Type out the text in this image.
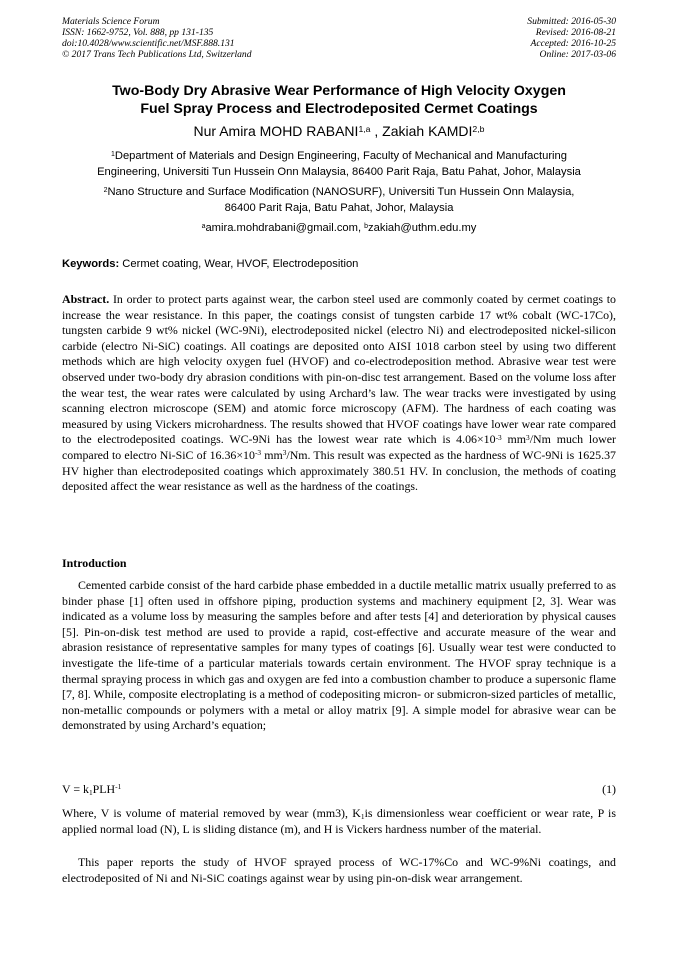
Materials Science Forum
ISSN: 1662-9752, Vol. 888, pp 131-135
doi:10.4028/www.scientific.net/MSF.888.131
© 2017 Trans Tech Publications Ltd, Switzerland
Submitted: 2016-05-30
Revised: 2016-08-21
Accepted: 2016-10-25
Online: 2017-03-06
Two-Body Dry Abrasive Wear Performance of High Velocity Oxygen
Fuel Spray Process and Electrodeposited Cermet Coatings
Nur Amira MOHD RABANI$^{1,a}$ , Zakiah KAMDI$^{2,b}$
$^1$Department of Materials and Design Engineering, Faculty of Mechanical and Manufacturing
Engineering, Universiti Tun Hussein Onn Malaysia, 86400 Parit Raja, Batu Pahat, Johor, Malaysia
$^2$Nano Structure and Surface Modification (NANOSURF), Universiti Tun Hussein Onn Malaysia,
86400 Parit Raja, Batu Pahat, Johor, Malaysia
$^a$amira.mohdrabani@gmail.com, $^b$zakiah@uthm.edu.my
Keywords: Cermet coating, Wear, HVOF, Electrodeposition

Abstract. In order to protect parts against wear, the carbon steel used are commonly coated by cermet coatings to increase the wear resistance. In this paper, the coatings consist of tungsten carbide 17 wt% cobalt (WC-17Co), tungsten carbide 9 wt% nickel (WC-9Ni), electrodeposited nickel (electro Ni) and electrodeposited nickel-silicon carbide (electro Ni-SiC) coatings. All coatings are deposited onto AISI 1018 carbon steel by using two different methods which are high velocity oxygen fuel (HVOF) and co-electrodeposition method. Abrasive wear test were observed under two-body dry abrasion conditions with pin-on-disc test arrangement. Based on the volume loss after the wear test, the wear rates were calculated by using Archard’s law. The wear tracks were investigated by using scanning electron microscope (SEM) and atomic force microscopy (AFM). The hardness of each coating was measured by using Vickers microhardness. The results showed that HVOF coatings have lower wear rate compared to the electrodeposited coatings. WC-9Ni has the lowest wear rate which is $4.06\times 10^{-3}$ $mm^3/Nm$ much lower compared to electro Ni-SiC of $16.36\times 10^{-3}$ $mm^3/Nm$. This result was expected as the hardness of WC-9Ni is 1625.37 HV higher than electrodeposited coatings which approximately 380.51 HV. In conclusion, the methods of coating deposited affect the wear resistance as well as the hardness of the coatings.

Introduction

Cemented carbide consist of the hard carbide phase embedded in a ductile metallic matrix usually preferred to as binder phase [1] often used in offshore piping, production systems and machinery equipment [2, 3]. Wear was indicated as a volume loss by measuring the samples before and after tests [4] and deterioration by physical causes [5]. Pin-on-disk test method are used to provide a rapid, cost-effective and accurate measure of the wear and abrasion resistance of representative samples for many types of coatings [6]. Usually wear test were conducted to investigate the life-time of a particular materials towards certain environment. The HVOF spray technique is a thermal spraying process in which gas and oxygen are fed into a combustion chamber to produce a supersonic flame [7, 8]. While, composite electroplating is a method of codepositing micron- or submicron-sized particles of metallic, non-metallic compounds or polymers with a metal or alloy matrix [9]. A simple model for abrasive wear can be demonstrated by using Archard’s equation;

$V = k_1PLH^{-1}$	(1)

Where, V is volume of material removed by wear (mm3), $K_1is$ dimensionless wear coefficient or wear rate, P is applied normal load (N), L is sliding distance (m), and H is Vickers hardness number of the material.

This paper reports the study of HVOF sprayed process of WC-17%Co and WC-9%Ni coatings, and electrodeposited of Ni and Ni-SiC coatings against wear by using pin-on-disk wear arrangement.
